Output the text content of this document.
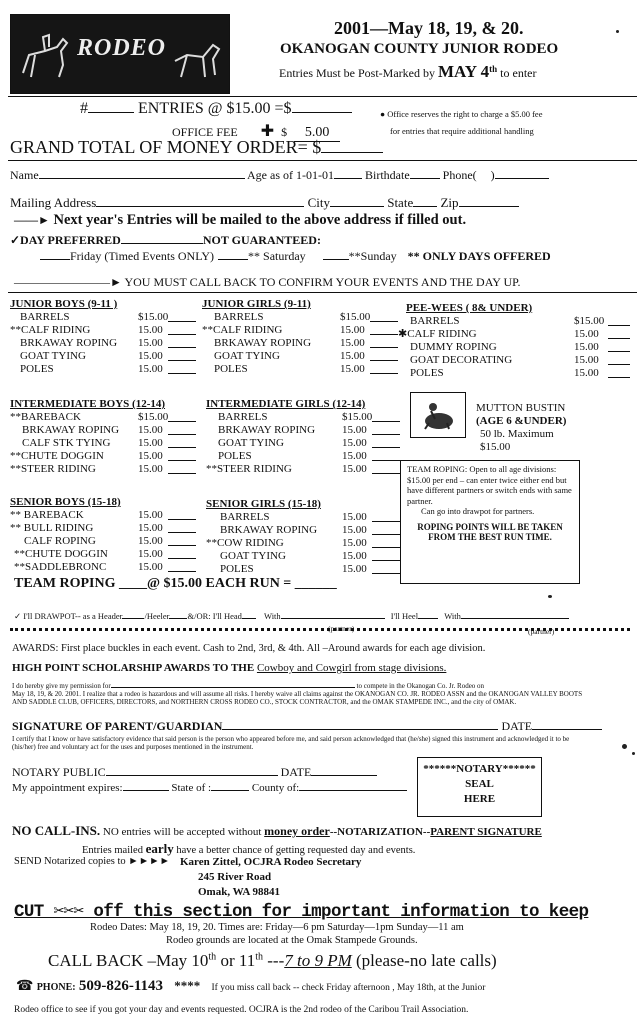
RODEO
2001—May 18, 19, & 20.
OKANOGAN COUNTY JUNIOR RODEO
Entries Must be Post-Marked by MAY 4th to enter
#	ENTRIES @ $15.00 =$	● Office reserves the right to charge a $5.00 fee
for entries that require additional handling
OFFICE FEE ✚ $ 5.00
GRAND TOTAL OF MONEY ORDER= $
Name	Age as of 1-01-01	Birthdate	Phone( )
Mailing Address	City	State Zip
——► Next year's Entries will be mailed to the above address if filled out.
✓DAY PREFERRED	NOT GUARANTEED:
Friday (Timed Events ONLY)	** Saturday	**Sunday ** ONLY DAYS OFFERED
————————► YOU MUST CALL BACK TO CONFIRM YOUR EVENTS AND THE DAY UP.
JUNIOR BOYS (9-11 )
BARRELS	$15.00
**CALF RIDING	15.00
BRKAWAY ROPING	15.00
GOAT TYING	15.00
POLES	15.00
JUNIOR GIRLS (9-11)
BARRELS	$15.00
**CALF RIDING	15.00
BRKAWAY ROPING	15.00
GOAT TYING	15.00
POLES	15.00
PEE-WEES ( 8& UNDER)
BARRELS	$15.00
✱ CALF RIDING	15.00
DUMMY ROPING	15.00
GOAT DECORATING	15.00
POLES	15.00
INTERMEDIATE BOYS (12-14)
**BAREBACK	$15.00
BRKAWAY ROPING	15.00
CALF STK TYING	15.00
**CHUTE DOGGIN	15.00
**STEER RIDING	15.00
INTERMEDIATE GIRLS (12-14)
BARRELS	$15.00
BRKAWAY ROPING	15.00
GOAT TYING	15.00
POLES	15.00
**STEER RIDING	15.00
MUTTON BUSTIN
(AGE 6 &UNDER)
50 lb. Maximum
$15.00
TEAM ROPING: Open to all age divisions: $15.00 per end – can enter twice either end but have different partners or switch ends with same partner.
Can go into drawpot for partners.
ROPING POINTS WILL BE TAKEN FROM THE BEST RUN TIME.
SENIOR BOYS (15-18)
** BAREBACK	15.00
** BULL RIDING	15.00
CALF ROPING	15.00
**CHUTE DOGGIN	15.00
**SADDLEBRONC	15.00
SENIOR GIRLS (15-18)
BARRELS	15.00
BRKAWAY ROPING	15.00
**COW RIDING	15.00
GOAT TYING	15.00
POLES	15.00
TEAM ROPING ____@ $15.00 EACH RUN = ______
✓ I'll DRAWPOT-- as a Header	/Heeler &/OR: I'll Head	With	I'll Heel	With
(partner)	(partner)
AWARDS: First place buckles in each event. Cash to 2nd, 3rd, & 4th. All –Around awards for each age division.
HIGH POINT SCHOLARSHIP AWARDS TO THE Cowboy and Cowgirl from stage divisions.
I do hereby give my permission for	to compete in the Okanogan Co. Jr. Rodeo on
May 18, 19, & 20. 2001. I realize that a rodeo is hazardous and will assume all risks. I hereby waive all claims against the OKANOGAN CO. JR. RODEO ASSN and the OKANOGAN VALLEY BOOTS AND SADDLE CLUB, OFFICERS, DIRECTORS, and NORTHERN CROSS RODEO CO., STOCK CONTRACTOR, and the OMAK STAMPEDE INC., and the city of OMAK.
SIGNATURE OF PARENT/GUARDIAN	DATE
I certify that I know or have satisfactory evidence that said person is the person who appeared before me, and said person acknowledged that (he/she) signed this instrument and acknowledged it to be (his/her) free and voluntary act for the uses and purposes mentioned in the instrument.
NOTARY PUBLIC	DATE
My appointment expires:	State of :	County of:
******NOTARY******
SEAL
HERE
NO CALL-INS. NO entries will be accepted without money order--NOTARIZATION--PARENT SIGNATURE
Entries mailed early have a better chance of getting requested day and events.
SEND Notarized copies to ►►►► Karen Zittel, OCJRA Rodeo Secretary
245 River Road
Omak, WA 98841
CUT ✂✂✂ off this section for important information to keep
Rodeo Dates: May 18, 19, 20. Times are: Friday—6 pm Saturday—1pm Sunday—11 am
Rodeo grounds are located at the Omak Stampede Grounds.
CALL BACK –May 10th or 11th ---7 to 9 PM (please-no late calls)
☎ PHONE: 509-826-1143 **** If you miss call back -- check Friday afternoon , May 18th, at the Junior
Rodeo office to see if you got your day and events requested. OCJRA is the 2nd rodeo of the Caribou Trail Association.
